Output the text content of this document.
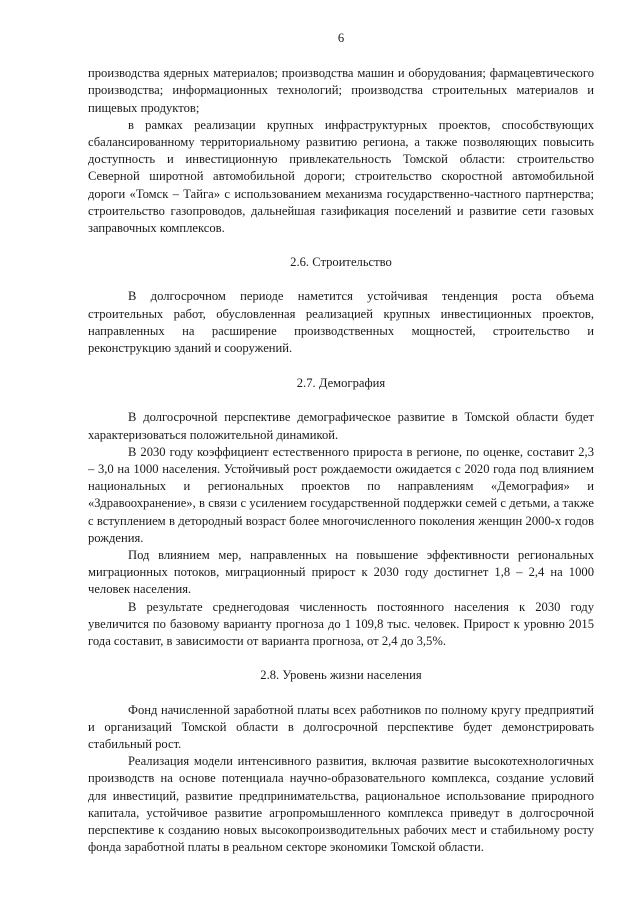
6

производства ядерных материалов; производства машин и оборудования; фармацевтического производства; информационных технологий; производства строительных материалов и пищевых продуктов;

в рамках реализации крупных инфраструктурных проектов, способствующих сбалансированному территориальному развитию региона, а также позволяющих повысить доступность и инвестиционную привлекательность Томской области: строительство Северной широтной автомобильной дороги; строительство скоростной автомобильной дороги «Томск – Тайга» с использованием механизма государственно-частного партнерства; строительство газопроводов, дальнейшая газификация поселений и развитие сети газовых заправочных комплексов.

2.6. Строительство

В долгосрочном периоде наметится устойчивая тенденция роста объема строительных работ, обусловленная реализацией крупных инвестиционных проектов, направленных на расширение производственных мощностей, строительство и реконструкцию зданий и сооружений.

2.7. Демография

В долгосрочной перспективе демографическое развитие в Томской области будет характеризоваться положительной динамикой.

В 2030 году коэффициент естественного прироста в регионе, по оценке, составит 2,3 – 3,0 на 1000 населения. Устойчивый рост рождаемости ожидается с 2020 года под влиянием национальных и региональных проектов по направлениям «Демография» и «Здравоохранение», в связи с усилением государственной поддержки семей с детьми, а также с вступлением в детородный возраст более многочисленного поколения женщин 2000-х годов рождения.

Под влиянием мер, направленных на повышение эффективности региональных миграционных потоков, миграционный прирост к 2030 году достигнет 1,8 – 2,4 на 1000 человек населения.

В результате среднегодовая численность постоянного населения к 2030 году увеличится по базовому варианту прогноза до 1 109,8 тыс. человек. Прирост к уровню 2015 года составит, в зависимости от варианта прогноза, от 2,4 до 3,5%.

2.8. Уровень жизни населения

Фонд начисленной заработной платы всех работников по полному кругу предприятий и организаций Томской области в долгосрочной перспективе будет демонстрировать стабильный рост.

Реализация модели интенсивного развития, включая развитие высокотехнологичных производств на основе потенциала научно-образовательного комплекса, создание условий для инвестиций, развитие предпринимательства, рациональное использование природного капитала, устойчивое развитие агропромышленного комплекса приведут в долгосрочной перспективе к созданию новых высокопроизводительных рабочих мест и стабильному росту фонда заработной платы в реальном секторе экономики Томской области.
